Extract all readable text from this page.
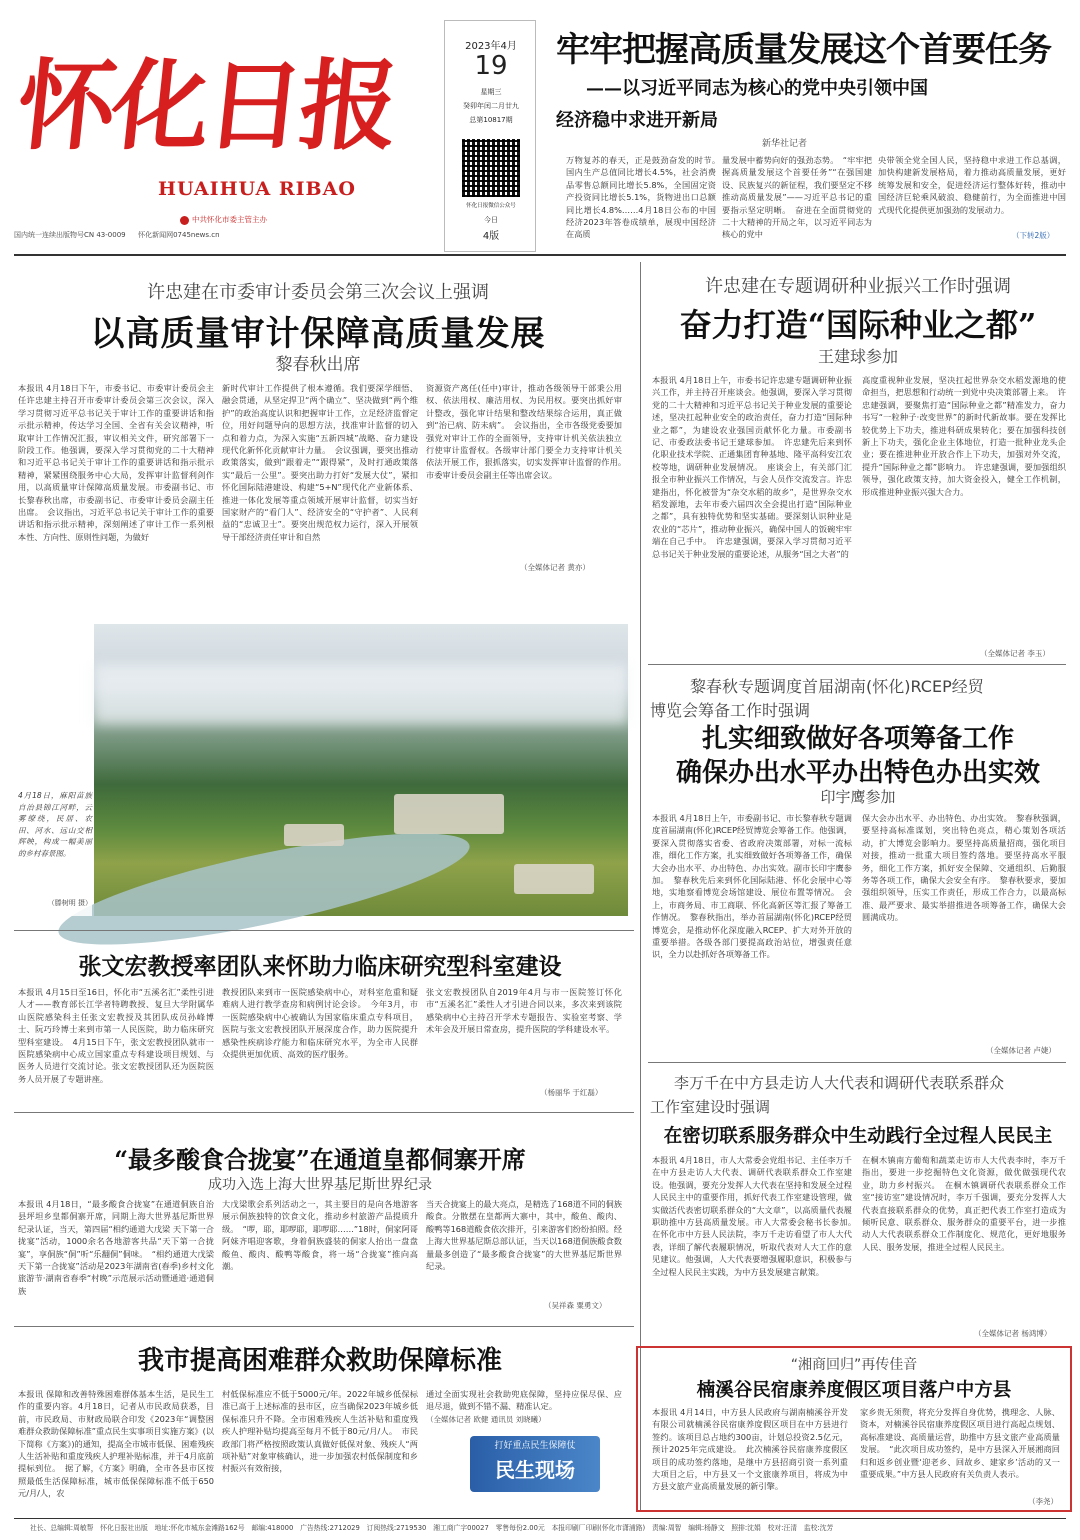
怀化日报
HUAIHUA RIBAO
中共怀化市委主管主办
国内统一连续出版物号CN 43-0009 怀化新闻网0745news.cn
2023年4月
19
星期三
癸卯年闰二月廿九
总第10817期
怀化日报微信公众号
今日
4版
牢牢把握高质量发展这个首要任务
——以习近平同志为核心的党中央引领中国
经济稳中求进开新局
新华社记者
万物复苏的春天，正是鼓劲奋发的时节。　国内生产总值同比增长4.5%，社会消费品零售总额同比增长5.8%，全国固定资产投资同比增长5.1%，货物进出口总额同比增长4.8%……4月18日公布的中国经济2023年答卷成绩单，展现中国经济在高质
量发展中蓄势向好的强劲态势。　“牢牢把握高质量发展这个首要任务”“在强国建设、民族复兴的新征程，我们要坚定不移推动高质量发展”——习近平总书记的重要指示坚定明晰。　奋进在全面贯彻党的二十大精神的开局之年，以习近平同志为核心的党中
央带领全党全国人民，坚持稳中求进工作总基调，加快构建新发展格局，着力推动高质量发展，更好统筹发展和安全，促进经济运行整体好转，推动中国经济巨轮乘风破浪、稳健前行，为全面推进中国式现代化提供更加强劲的发展动力。
（下转2版）
许忠建在市委审计委员会第三次会议上强调
以高质量审计保障高质量发展
黎春秋出席
本报讯 4月18日下午，市委书记、市委审计委员会主任许忠建主持召开市委审计委员会第三次会议，深入学习贯彻习近平总书记关于审计工作的重要讲话和指示批示精神，传达学习全国、全省有关会议精神，听取审计工作情况汇报，审议相关文件，研究部署下一阶段工作。他强调，要深入学习贯彻党的二十大精神和习近平总书记关于审计工作的重要讲话和指示批示精神，紧紧围绕服务中心大局，发挥审计监督利剑作用，以高质量审计保障高质量发展。市委副书记、市长黎春秋出席，市委副书记、市委审计委员会副主任出席。　会议指出，习近平总书记关于审计工作的重要讲话和指示批示精神，深刻阐述了审计工作一系列根本性、方向性、原则性问题，为做好
新时代审计工作提供了根本遵循。我们要深学细悟、融会贯通，从坚定捍卫“两个确立”、坚决做到“两个维护”的政治高度认识和把握审计工作，立足经济监督定位，用好问题导向的思想方法，找准审计监督的切入点和着力点，为深入实施“五新四城”战略、奋力建设现代化新怀化贡献审计力量。　会议强调，要突出推动政策落实，做到“跟着走”“跟得紧”，及时打通政策落实“最后一公里”。要突出助力打好“发展大仗”，紧扣怀化国际陆港建设、构建“5+N”现代化产业新体系、推进一体化发展等重点领域开展审计监督，切实当好国家财产的“看门人”、经济安全的“守护者”、人民利益的“忠诚卫士”。要突出规范权力运行，深入开展领导干部经济责任审计和自然
资源资产离任(任中)审计，推动各级领导干部秉公用权、依法用权、廉洁用权、为民用权。要突出抓好审计整改，强化审计结果和整改结果综合运用，真正做到“治已病、防未病”。　会议指出，全市各级党委要加强党对审计工作的全面领导，支持审计机关依法独立行使审计监督权。各级审计部门要全力支持审计机关依法开展工作，狠抓落实，切实发挥审计监督的作用。　市委审计委员会副主任等出席会议。
（全媒体记者 黄亦）
4月18日，麻阳苗族自治县锦江河畔，云雾缭绕，民居、农田、河水、远山交相辉映，构成一幅美丽的乡村春景图。
（滕树明 摄）
张文宏教授率团队来怀助力临床研究型科室建设
本报讯 4月15日至16日，怀化市“五溪名汇”柔性引进人才——教育部长江学者特聘教授、复旦大学附属华山医院感染科主任张文宏教授及其团队成员孙峰博士、阮巧玲博士来到市第一人民医院，助力临床研究型科室建设。　4月15日下午，张文宏教授团队就市一医院感染病中心成立国家重点专科建设项目规划、与医务人员进行交流讨论。张文宏教授团队还为医院医务人员开展了专题讲座。
教授团队来到市一医院感染病中心，对科室危重和疑难病人进行教学查房和病例讨论会诊。　今年3月，市一医院感染病中心被确认为国家临床重点专科项目，医院与张文宏教授团队开展深度合作，助力医院提升感染性疾病诊疗能力和临床研究水平，为全市人民群众提供更加优质、高效的医疗服务。
张文宏教授团队自2019年4月与市一医院签订怀化市“五溪名汇”柔性人才引进合同以来，多次来到该院感染病中心主持召开学术专题报告、实验室考察、学术年会及开展日常查房，提升医院的学科建设水平。
（杨丽华 于红磊）
“最多酸食合拢宴”在通道皇都侗寨开席
成功入选上海大世界基尼斯世界纪录
本报讯 4月18日，“最多酸食合拢宴”在通道侗族自治县坪坦乡皇都侗寨开席，同期上海大世界基尼斯世界纪录认证，当天，第四届“相约通道大戊梁 天下第一合拢宴”活动，1000余名各地游客共品“天下第一合拢宴”，享侗族“侗”听“乐翻侗”侗味。　“相约通道大戊梁 天下第一合拢宴”活动是2023年湖南省(春季)乡村文化旅游节·湖南省春季“村晚”示范展示活动暨通道·通道侗族
大戊梁歌会系列活动之一，其主要目的是向各地游客展示侗族独特的饮食文化，推动乡村旅游产品提质升级。　“啰，耶，耶啰耶，耶啰耶……”18时，侗家阿哥阿妹齐唱迎客歌，身着侗族盛装的侗家人抬出一盘盘酸鱼、酸肉、酸鸭等酸食，将一场“合拢宴”推向高潮。
当天合拢宴上的最大亮点，是精选了168道不同的侗族酸食。分散摆在皇都两大寨中，其中，酸鱼、酸肉、酸鸭等168道酸食依次排开，引来游客们纷纷拍照。经上海大世界基尼斯总部认证，当天以168道侗族酸食数量最多创造了“最多酸食合拢宴”的大世界基尼斯世界纪录。
（吴祥森 粟勇文）
我市提高困难群众救助保障标准
本报讯 保障和改善特殊困难群体基本生活，是民生工作的重要内容。4月18日，记者从市民政局获悉，目前，市民政局、市财政局联合印发《2023年“调整困难群众救助保障标准”重点民生实事项目实施方案》(以下简称《方案》)的通知，提高全市城市低保、困难残疾人生活补贴和重度残疾人护理补贴标准，并于4月底前提标到位。　据了解，《方案》明确，全市各县市区按照最低生活保障标准，城市低保保障标准不低于650元/月/人，农
村低保标准应不低于5000元/年。2022年城乡低保标准已高于上述标准的县市区，应当确保2023年城乡低保标准只升不降。全市困难残疾人生活补贴和重度残疾人护理补贴均提高至每月不低于80元/月/人。　市民政部门将严格按照政策认真做好低保对象、残疾人“两项补贴”对象审核确认，进一步加强农村低保制度和乡村振兴有效衔接，
通过全面实现社会救助兜底保障，坚持应保尽保、应退尽退，做到不错不漏、精准认定。
（全媒体记者 欧健 通讯员 刘晓曦）
打好重点民生保障仗
民生现场
许忠建在专题调研种业振兴工作时强调
奋力打造“国际种业之都”
王建球参加
本报讯 4月18日上午，市委书记许忠建专题调研种业振兴工作，并主持召开座谈会。他强调，要深入学习贯彻党的二十大精神和习近平总书记关于种业发展的重要论述，坚决扛起种业安全的政治责任，奋力打造“国际种业之都”，为建设农业强国贡献怀化力量。市委副书记、市委政法委书记王建球参加。　许忠建先后来到怀化职业技术学院、正通集团育种基地、隆平高科安江农校等地，调研种业发展情况。　座谈会上，有关部门汇报全市种业振兴工作情况，与会人员作交流发言。许忠建指出，怀化被誉为“杂交水稻的故乡”，是世界杂交水稻发源地，去年市委六届四次全会提出打造“国际种业之都”，具有独特优势和坚实基础。要深刻认识种业是农业的“芯片”，推动种业振兴，确保中国人的饭碗牢牢端在自己手中。　许忠建强调，要深入学习贯彻习近平总书记关于种业发展的重要论述，从服务“国之大者”的
高度重视种业发展，坚决扛起世界杂交水稻发源地的使命担当，把思想和行动统一到党中央决策部署上来。　许忠建强调，要聚焦打造“国际种业之都”精准发力，奋力书写“一粒种子·改变世界”的新时代新故事。要在发挥比较优势上下功夫，推进科研成果转化；要在加强科技创新上下功夫，强化企业主体地位，打造一批种业龙头企业；要在推进种业开放合作上下功夫，加强对外交流，提升“国际种业之都”影响力。　许忠建强调，要加强组织领导，强化政策支持，加大资金投入，健全工作机制，形成推进种业振兴强大合力。
（全媒体记者 李玉）
黎春秋专题调度首届湖南(怀化)RCEP经贸
博览会筹备工作时强调
扎实细致做好各项筹备工作
确保办出水平办出特色办出实效
印宇鹰参加
本报讯 4月18日上午，市委副书记、市长黎春秋专题调度首届湖南(怀化)RCEP经贸博览会筹备工作。他强调，要深入贯彻落实省委、省政府决策部署，对标一流标准，细化工作方案，扎实细致做好各项筹备工作，确保大会办出水平、办出特色、办出实效。副市长印宇鹰参加。　黎春秋先后来到怀化国际陆港、怀化会展中心等地，实地察看博览会场馆建设、展位布置等情况。　会上，市商务局、市工商联、怀化高新区等汇报了筹备工作情况。　黎春秋指出，举办首届湖南(怀化)RCEP经贸博览会，是推动怀化深度融入RCEP、扩大对外开放的重要举措。各级各部门要提高政治站位，增强责任意识，全力以赴抓好各项筹备工作。
保大会办出水平、办出特色、办出实效。　黎春秋强调，要坚持高标准谋划，突出特色亮点，精心策划各项活动，扩大博览会影响力。要坚持高质量招商，强化项目对接，推动一批重大项目签约落地。要坚持高水平服务，细化工作方案，抓好安全保障、交通组织、后勤服务等各项工作，确保大会安全有序。　黎春秋要求，要加强组织领导，压实工作责任，形成工作合力，以最高标准、最严要求、最实举措推进各项筹备工作，确保大会圆满成功。
（全媒体记者 卢婕）
李万千在中方县走访人大代表和调研代表联系群众
工作室建设时强调
在密切联系服务群众中生动践行全过程人民民主
本报讯 4月18日，市人大常委会党组书记、主任李万千在中方县走访人大代表、调研代表联系群众工作室建设。他强调，要充分发挥人大代表在坚持和发展全过程人民民主中的重要作用，抓好代表工作室建设管理，做实做活代表密切联系群众的“大文章”，以高质量代表履职助推中方县高质量发展。市人大常委会秘书长参加。　在怀化市中方县人民法院，李万千走访看望了市人大代表，详细了解代表履职情况，听取代表对人大工作的意见建议。他强调，人大代表要增强履职意识，积极参与全过程人民民主实践，为中方县发展建言献策。
在桐木镇南方葡萄和蔬菜走访市人大代表李时，李万千指出，要进一步挖掘特色文化资源，做优做强现代农业，助力乡村振兴。　在桐木镇调研代表联系群众工作室“接访室”建设情况时，李万千强调，要充分发挥人大代表直接联系群众的优势，真正把代表工作室打造成为倾听民意、联系群众、服务群众的重要平台，进一步推动人大代表联系群众工作制度化、规范化，更好地服务人民、服务发展，推进全过程人民民主。
（全媒体记者 杨鸿博）
“湘商回归”再传佳音
楠溪谷民宿康养度假区项目落户中方县
本报讯 4月14日，中方县人民政府与湖南楠溪谷开发有限公司就楠溪谷民宿康养度假区项目在中方县进行签约。该项目总占地约300亩，计划总投资2.5亿元，预计2025年完成建设。　此次楠溪谷民宿康养度假区项目的成功签约落地，是继中方县招商引资一系列重大项目之后，中方县又一个文旅康养项目，将成为中方县文旅产业高质量发展的新引擎。
家乡贵无须赘，将充分发挥自身优势，携理念、人脉、资本，对楠溪谷民宿康养度假区项目进行高起点规划、高标准建设、高质量运营，助推中方县文旅产业高质量发展。　“此次项目成功签约，是中方县深入开展湘商回归和返乡创业暨‘迎老乡、回故乡、建家乡’活动的又一重要成果。”中方县人民政府有关负责人表示。
（李尧）
社长、总编辑:周敏帮　怀化日报社出版　地址:怀化市城东金滩路162号　邮编:418000　广告热线:2712029　订阅热线:2719530　湘工商广字00027　零售每份2.00元　本报印刷厂印刷(怀化市潇浦路)　责编:周智　编辑:杨静文　照排:沈娟　校对:汪清　监校:沈芳
